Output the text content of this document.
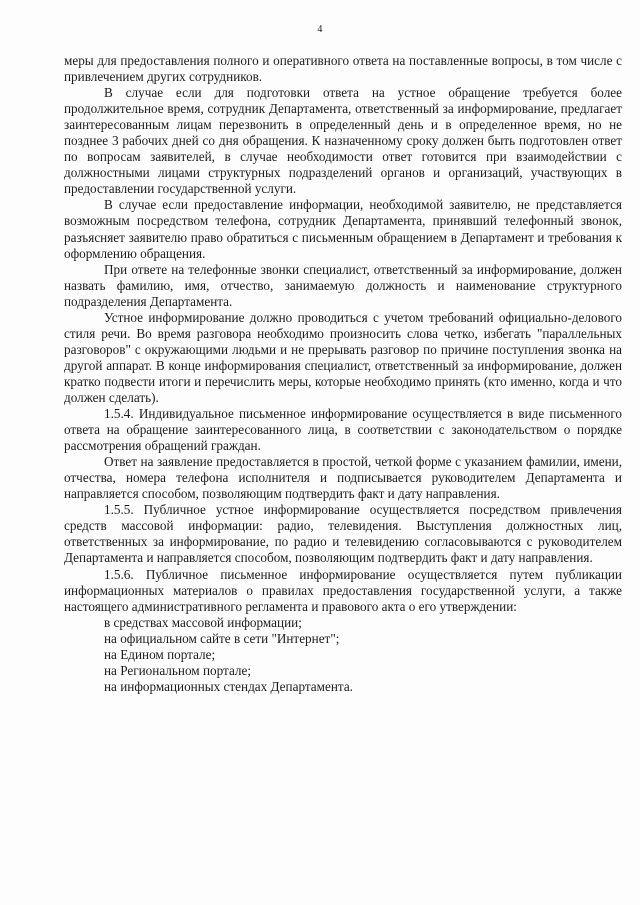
4

меры для предоставления полного и оперативного ответа на поставленные вопросы, в том числе с привлечением других сотрудников.

В случае если для подготовки ответа на устное обращение требуется более продолжительное время, сотрудник Департамента, ответственный за информирование, предлагает заинтересованным лицам перезвонить в определенный день и в определенное время, но не позднее 3 рабочих дней со дня обращения. К назначенному сроку должен быть подготовлен ответ по вопросам заявителей, в случае необходимости ответ готовится при взаимодействии с должностными лицами структурных подразделений органов и организаций, участвующих в предоставлении государственной услуги.

В случае если предоставление информации, необходимой заявителю, не представляется возможным посредством телефона, сотрудник Департамента, принявший телефонный звонок, разъясняет заявителю право обратиться с письменным обращением в Департамент и требования к оформлению обращения.

При ответе на телефонные звонки специалист, ответственный за информирование, должен назвать фамилию, имя, отчество, занимаемую должность и наименование структурного подразделения Департамента.

Устное информирование должно проводиться с учетом требований официально-делового стиля речи. Во время разговора необходимо произносить слова четко, избегать "параллельных разговоров" с окружающими людьми и не прерывать разговор по причине поступления звонка на другой аппарат. В конце информирования специалист, ответственный за информирование, должен кратко подвести итоги и перечислить меры, которые необходимо принять (кто именно, когда и что должен сделать).

1.5.4. Индивидуальное письменное информирование осуществляется в виде письменного ответа на обращение заинтересованного лица, в соответствии с законодательством о порядке рассмотрения обращений граждан.

Ответ на заявление предоставляется в простой, четкой форме с указанием фамилии, имени, отчества, номера телефона исполнителя и подписывается руководителем Департамента и направляется способом, позволяющим подтвердить факт и дату направления.

1.5.5. Публичное устное информирование осуществляется посредством привлечения средств массовой информации: радио, телевидения. Выступления должностных лиц, ответственных за информирование, по радио и телевидению согласовываются с руководителем Департамента и направляется способом, позволяющим подтвердить факт и дату направления.

1.5.6. Публичное письменное информирование осуществляется путем публикации информационных материалов о правилах предоставления государственной услуги, а также настоящего административного регламента и правового акта о его утверждении:

в средствах массовой информации;

на официальном сайте в сети "Интернет";

на Едином портале;

на Региональном портале;

на информационных стендах Департамента.
